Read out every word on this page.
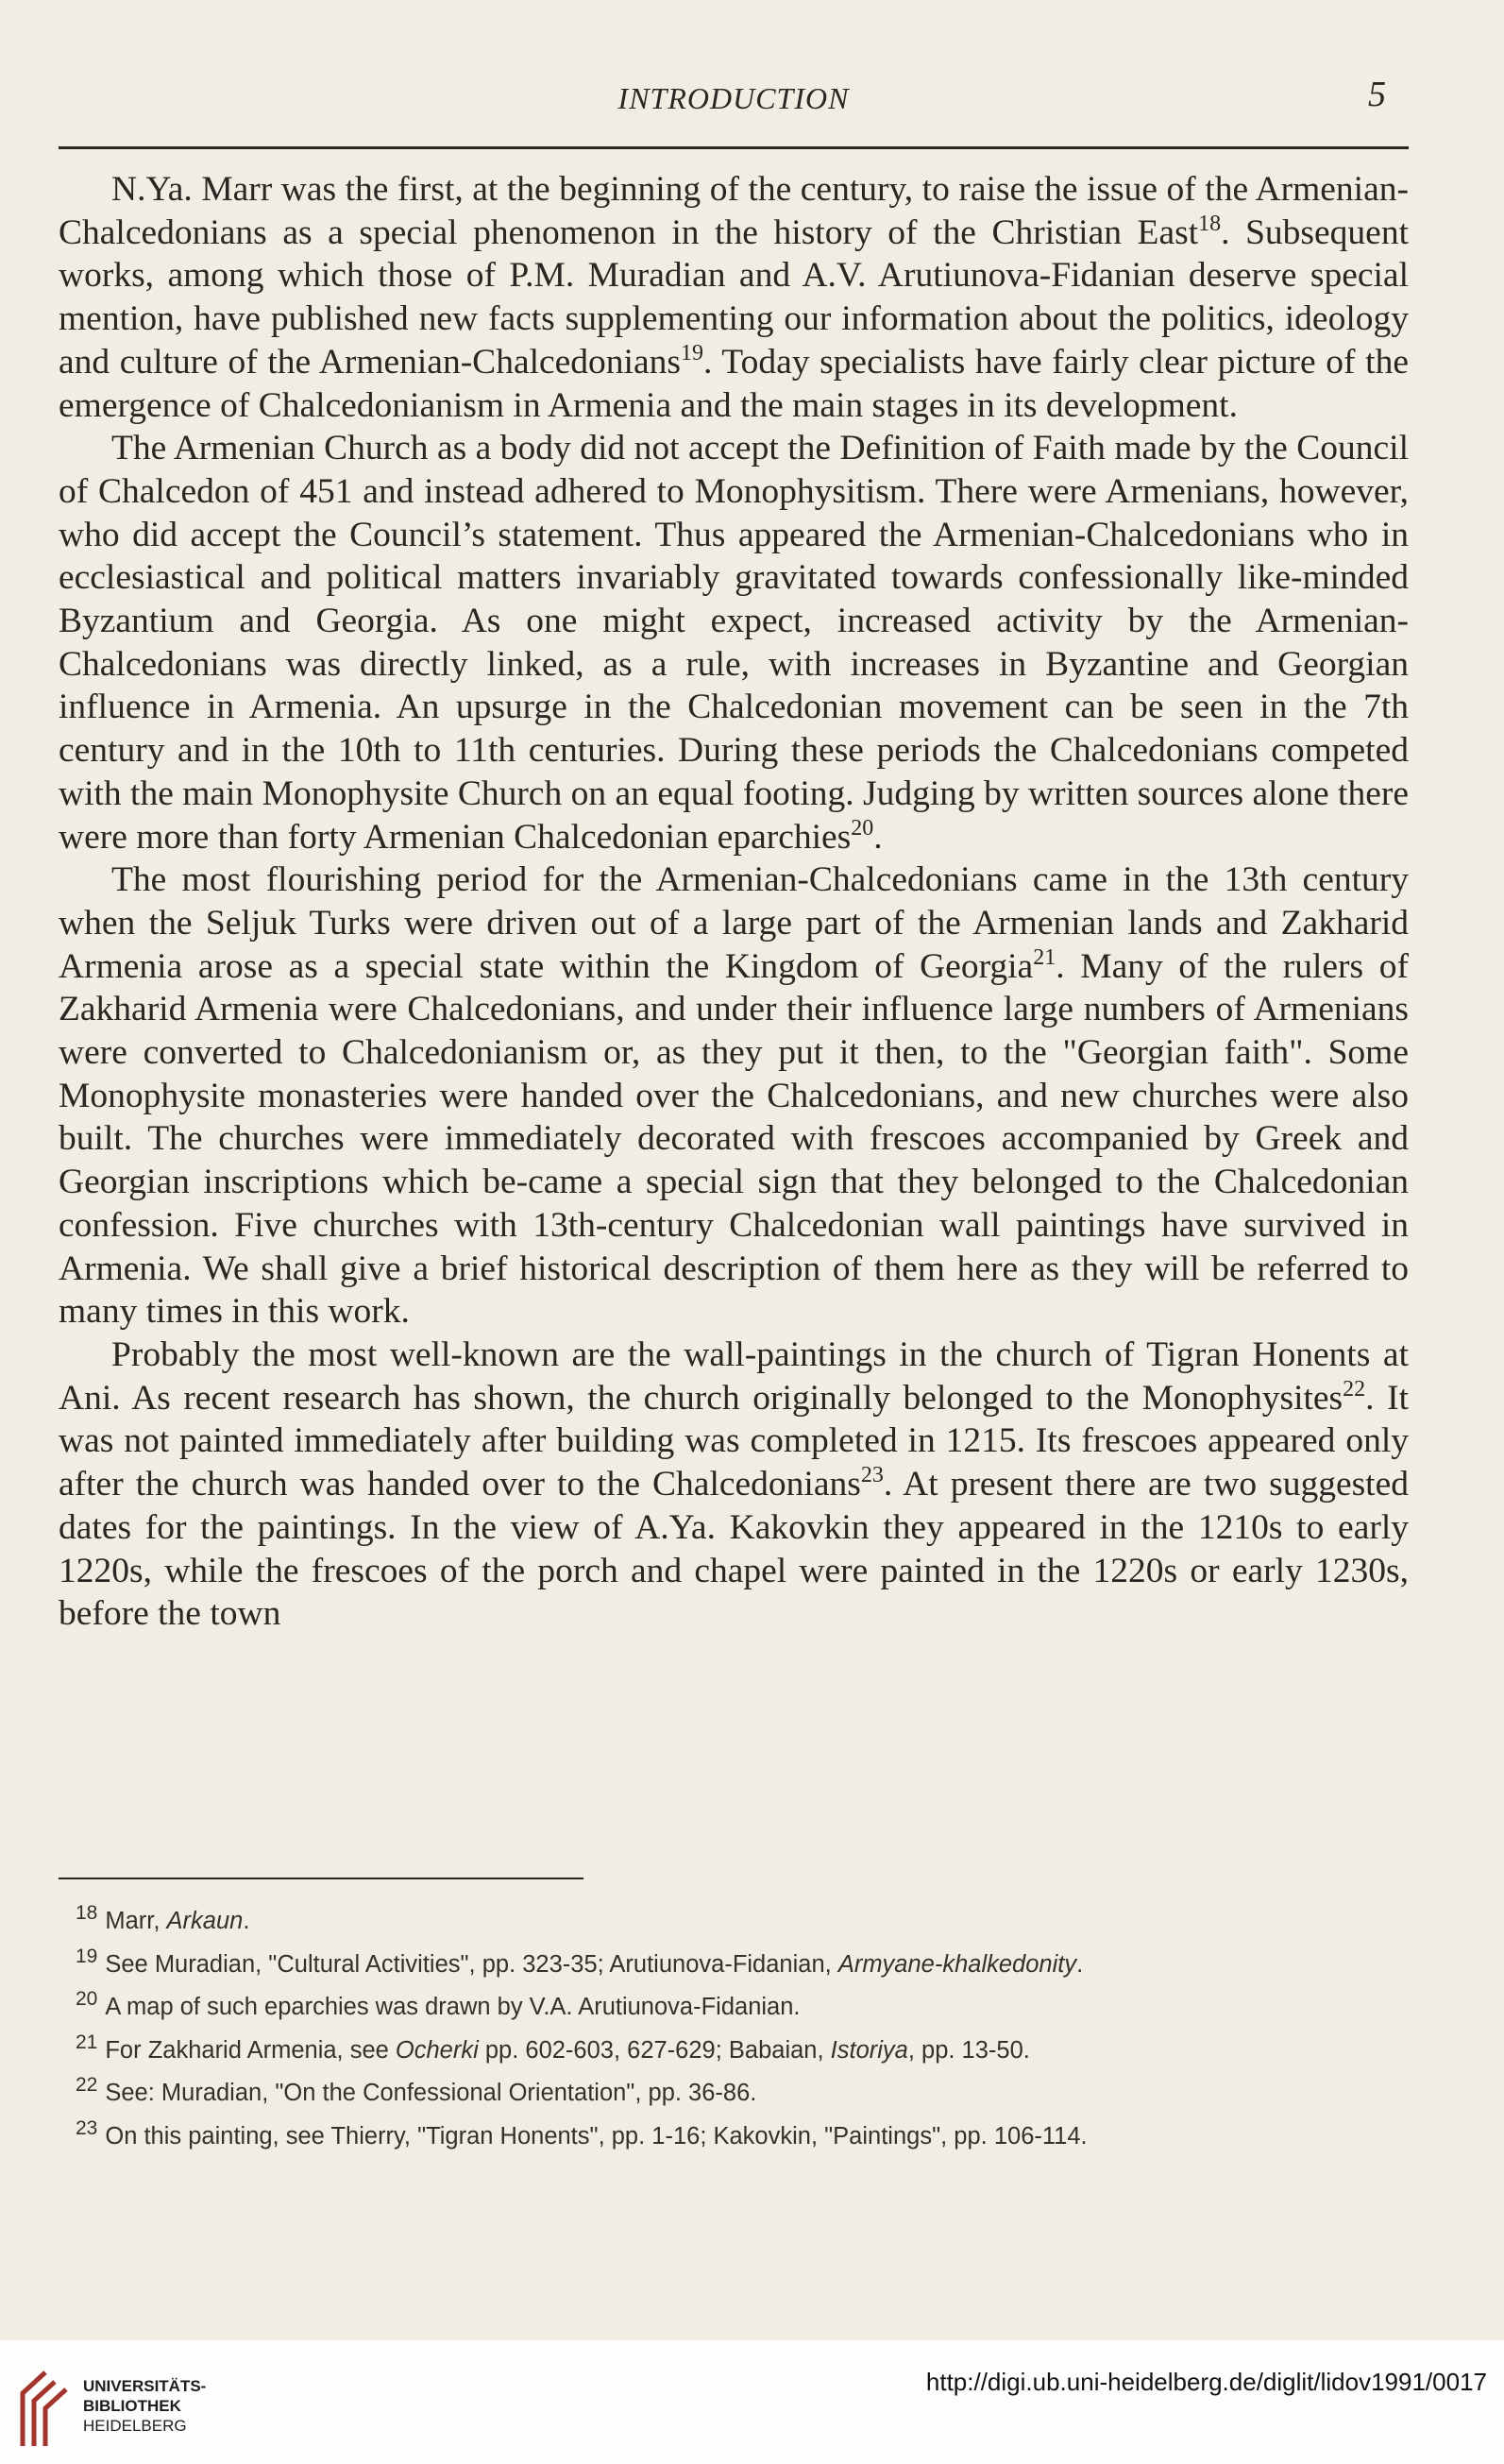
INTRODUCTION	5

N.Ya. Marr was the first, at the beginning of the century, to raise the issue of the Armenian-Chalcedonians as a special phenomenon in the history of the Christian East$^{18}$. Subsequent works, among which those of P.M. Muradian and A.V. Arutiunova-Fidanian deserve special mention, have published new facts supplementing our information about the politics, ideology and culture of the Armenian-Chalcedonians$^{19}$. Today specialists have fairly clear picture of the emergence of Chalcedonianism in Armenia and the main stages in its development.

The Armenian Church as a body did not accept the Definition of Faith made by the Council of Chalcedon of 451 and instead adhered to Monophysitism. There were Armenians, however, who did accept the Council’s statement. Thus appeared the Armenian-Chalcedonians who in ecclesiastical and political matters invariably gravitated towards confessionally like-minded Byzantium and Georgia. As one might expect, increased activity by the Armenian-Chalcedonians was directly linked, as a rule, with increases in Byzantine and Georgian influence in Armenia. An upsurge in the Chalcedonian movement can be seen in the 7th century and in the 10th to 11th centuries. During these periods the Chalcedonians competed with the main Monophysite Church on an equal footing. Judging by written sources alone there were more than forty Armenian Chalcedonian eparchies$^{20}$.

The most flourishing period for the Armenian-Chalcedonians came in the 13th century when the Seljuk Turks were driven out of a large part of the Armenian lands and Zakharid Armenia arose as a special state within the Kingdom of Georgia$^{21}$. Many of the rulers of Zakharid Armenia were Chalcedonians, and under their influence large numbers of Armenians were converted to Chalcedonianism or, as they put it then, to the "Georgian faith". Some Monophysite monasteries were handed over the Chalcedonians, and new churches were also built. The churches were immediately decorated with frescoes accompanied by Greek and Georgian inscriptions which be-came a special sign that they belonged to the Chalcedonian confession. Five churches with 13th-century Chalcedonian wall paintings have survived in Armenia. We shall give a brief historical description of them here as they will be referred to many times in this work.

Probably the most well-known are the wall-paintings in the church of Tigran Honents at Ani. As recent research has shown, the church originally belonged to the Monophysites$^{22}$. It was not painted immediately after building was completed in 1215. Its frescoes appeared only after the church was handed over to the Chalcedonians$^{23}$. At present there are two suggested dates for the paintings. In the view of A.Ya. Kakovkin they appeared in the 1210s to early 1220s, while the frescoes of the porch and chapel were painted in the 1220s or early 1230s, before the town

$^{18}$ Marr, Arkaun.

$^{19}$ See Muradian, "Cultural Activities", pp. 323-35; Arutiunova-Fidanian, Armyane-khalkedonity.

$^{20}$ A map of such eparchies was drawn by V.A. Arutiunova-Fidanian.

$^{21}$ For Zakharid Armenia, see Ocherki pp. 602-603, 627-629; Babaian, Istoriya, pp. 13-50.

$^{22}$ See: Muradian, "On the Confessional Orientation", pp. 36-86.

$^{23}$ On this painting, see Thierry, "Tigran Honents", pp. 1-16; Kakovkin, "Paintings", pp. 106-114.

UNIVERSITÄTS-
BIBLIOTHEK
HEIDELBERG
http://digi.ub.uni-heidelberg.de/diglit/lidov1991/0017
